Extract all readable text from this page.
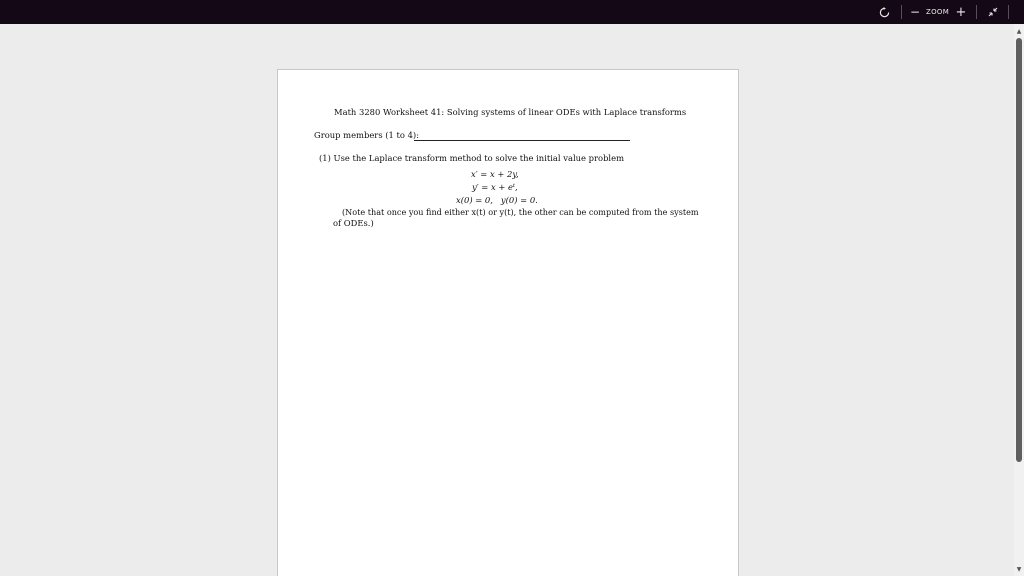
− ZOOM +
Math 3280 Worksheet 41: Solving systems of linear ODEs with Laplace transforms
Group members (1 to 4):
(1) Use the Laplace transform method to solve the initial value problem
x′ = x + 2y,
y′ = x + eᵗ,
x(0) = 0,   y(0) = 0.
(Note that once you find either x(t) or y(t), the other can be computed from the system
of ODEs.)
▲
▼
